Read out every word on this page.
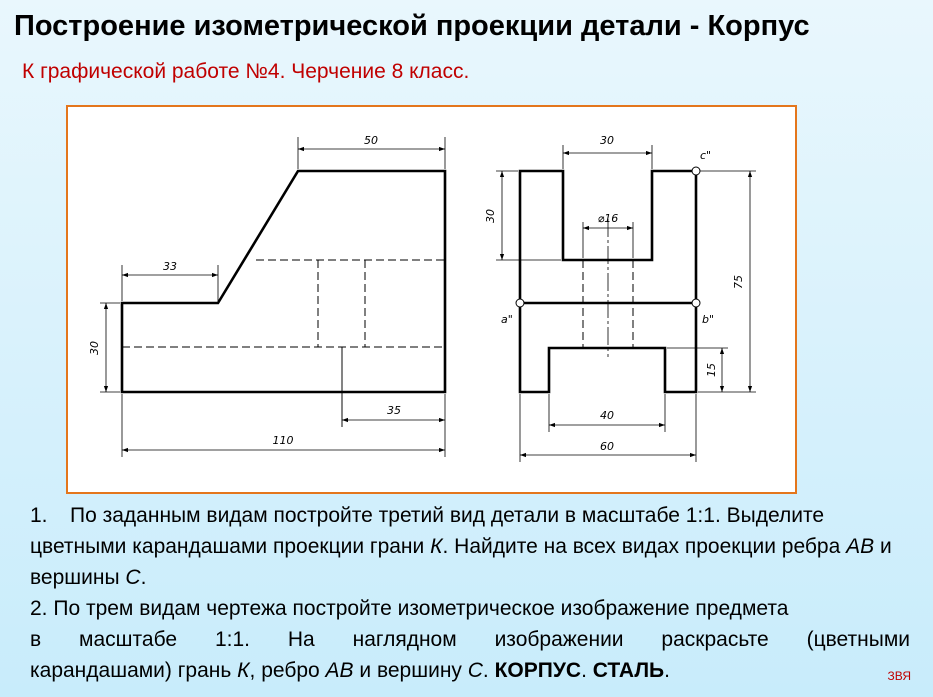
Построение изометрической проекции детали - Корпус
К графической работе №4. Черчение 8 класс.
50
33
30
35
110
30
30	⌀16
75
15
40
60
c"
a"	b"

1. По заданным видам постройте третий вид детали в масштабе 1:1. Выделите цветными карандашами проекции грани К. Найдите на всех видах проекции ребра АВ и вершины С.

2. По трем видам чертежа постройте изометрическое изображение предмета

в масштабе 1:1. На наглядном изображении раскрасьте (цветными

карандашами) грань К, ребро АВ и вершину С. КОРПУС. СТАЛЬ.	ЗВЯ
